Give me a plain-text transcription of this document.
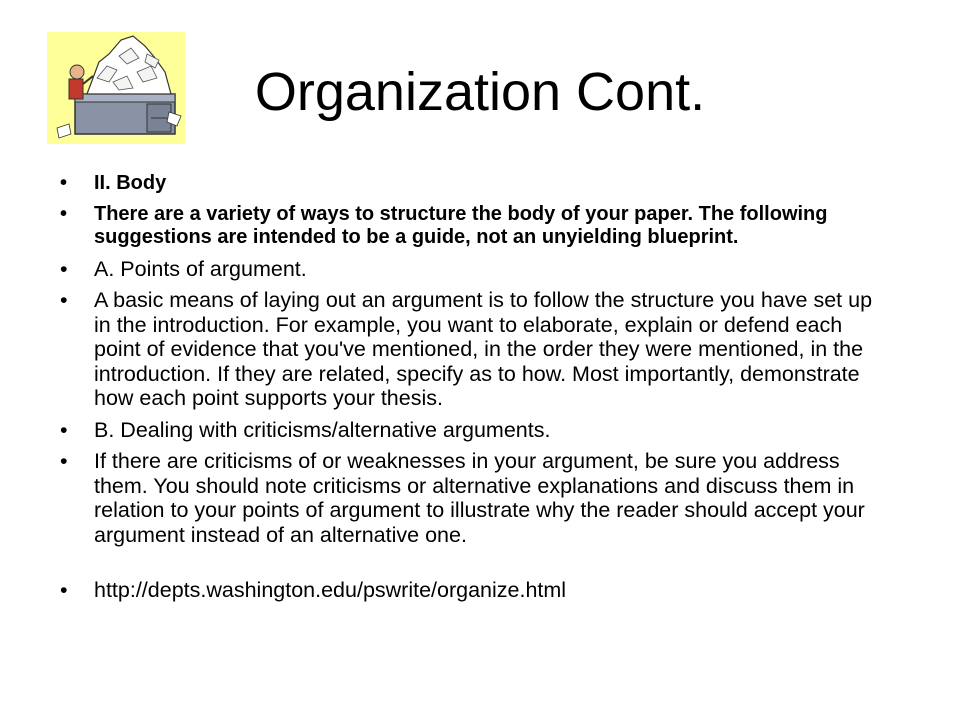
Organization Cont.
• II. Body
• There are a variety of ways to structure the body of your paper. The following suggestions are intended to be a guide, not an unyielding blueprint.
• A. Points of argument.
• A basic means of laying out an argument is to follow the structure you have set up in the introduction. For example, you want to elaborate, explain or defend each point of evidence that you've mentioned, in the order they were mentioned, in the introduction. If they are related, specify as to how. Most importantly, demonstrate how each point supports your thesis.
• B. Dealing with criticisms/alternative arguments.
• If there are criticisms of or weaknesses in your argument, be sure you address them. You should note criticisms or alternative explanations and discuss them in relation to your points of argument to illustrate why the reader should accept your argument instead of an alternative one.
• http://depts.washington.edu/pswrite/organize.html
